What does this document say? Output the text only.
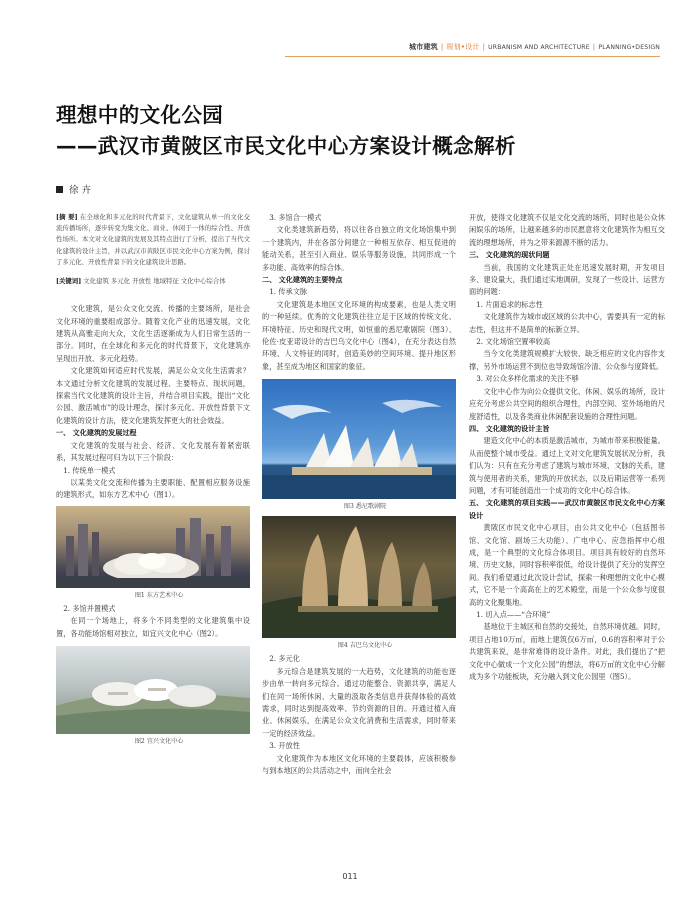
城市建筑 | 规划•设计 | URBANISM AND ARCHITECTURE | PLANNING•DESIGN
理想中的文化公园
——武汉市黄陂区市民文化中心方案设计概念解析
徐 卉

[摘 要] 在全球化和多元化的时代背景下，文化建筑从单一的文化交流传播场所，逐步转变为集文化、商业、休闲于一体的综合性、开放性场所。本文对文化建筑的发展及其特点进行了分析，提出了当代文化建筑的设计主旨，并以武汉市黄陂区市民文化中心方案为例，探讨了多元化、开放性背景下的文化建筑设计思路。

[关键词] 文化建筑 多元化 开放性 地域特征 文化中心综合体

文化建筑，是公众文化交流、传播的主要场所，是社会文化环境的重要组成部分。随着文化产业的迅速发展，文化建筑从高雅走向大众，文化生活逐渐成为人们日常生活的一部分。同时，在全球化和多元化的时代背景下，文化建筑亦呈现出开放、多元化趋势。

文化建筑如何适应时代发展，满足公众文化生活需求？本文通过分析文化建筑的发展过程、主要特点、现状问题，探索当代文化建筑的设计主旨，并结合项目实践，提出“文化公园、激活城市”的设计理念，探讨多元化、开放性背景下文化建筑的设计方法，使文化建筑发挥更大的社会效益。

一、 文化建筑的发展过程

文化建筑的发展与社会、经济、文化发展有着紧密联系，其发展过程可归为以下三个阶段：

1. 传统单一模式

以某类文化交流和传播为主要职能、配置相应服务设施的建筑形式，如东方艺术中心（图1）。

图1 东方艺术中心

2. 多馆并置模式

在同一个场地上，将多个不同类型的文化建筑集中设置，各功能场馆相对独立，如宜兴文化中心（图2）。

图2 宜兴文化中心

3. 多馆合一模式

文化类建筑新趋势，将以往各自独立的文化场馆集中到一个建筑内，并在各部分间建立一种相互依存、相互促进的能动关系，甚至引入商业、娱乐等服务设施，共同形成一个多功能、高效率的综合体。

二、 文化建筑的主要特点

1. 传承文脉

文化建筑是本地区文化环境的构成要素，也是人类文明的一种延续。优秀的文化建筑往往立足于区域的传统文化、环境特征、历史和现代文明，如恒重的悉尼歌剧院（图3）、伦佐·皮亚诺设计的吉巴乌文化中心（图4），在充分表达自然环境、人文特征的同时，创造美妙的空间环境、提升地区形象，甚至成为地区和国家的象征。

图3 悉尼歌剧院

图4 吉巴乌文化中心

2. 多元化

多元综合是建筑发展的一大趋势，文化建筑的功能也逐步由单一转向多元综合。通过功能整合、资源共享，满足人们在同一场所休闲、大量的汲取各类信息并获得体验的高效需求，同时达到提高效率、节约资源的目的。开通过植入商业、休闲娱乐，在满足公众文化消费和生活需求，同时带来一定的经济效益。

3. 开放性

文化建筑作为本地区文化环境的主要载体，应该积极参与到本地区的公共活动之中，而向全社会

开放，使得文化建筑不仅是文化交流的场所，同时也是公众休闲娱乐的场所，让越来越多的市民愿意将文化建筑作为相互交流的理想场所，并为之带来源源不断的活力。

三、 文化建筑的现状问题

当前，我国的文化建筑正处在迅速发展时期，开发项目多、建设量大，我们通过实地调研，发现了一些设计、运营方面的问题：

1. 片面追求的标志性

文化建筑作为城市或区域的公共中心，需要具有一定的标志性，但这并不是简单的标新立异。

2. 文化场馆空置率较高

当今文化类建筑规模扩大较快、缺乏相应的文化内容作支撑，另外市场运营不到位也导致场馆冷清、公众参与度降低。

3. 对公众多样化需求的关注不够

文化中心作为向公众提供文化、休闲、娱乐的场所，设计应充分考虑公共空间的组织合理性，内部空间、室外场地的尺度舒适性，以及各类商业休闲配套设施的合理性问题。

四、 文化建筑的设计主旨

建造文化中心的本质是激活城市，为城市带来积极能量。从而使整个城市受益。通过上文对文化建筑发展状况分析，我们认为：只有在充分考虑了建筑与城市环境、文脉的关系，建筑与使用者的关系，建筑的开放状态，以及后期运营等一系列问题，才有可能创造出一个成功的文化中心综合体。

五、 文化建筑的项目实践——武汉市黄陂区市民文化中心方案设计

黄陂区市民文化中心项目，由公共文化中心（包括图书馆、文化馆、剧场三大功能）、广电中心、应急指挥中心组成，是一个典型的文化综合体项目。项目具有较好的自然环境、历史文脉，同时容积率很低，给设计提供了充分的发挥空间。我们希望通过此次设计尝试，探索一种理想的文化中心模式，它不是一个高高在上的艺术殿堂，而是一个公众参与度很高的文化聚集地。

1. 切入点——“合环境”

基地位于主城区和自然的交接处，自然环境优越。同时，项目占地10万㎡，而地上建筑仅6万㎡，0.6的容积率对于公共建筑来说，是非常难得的设计条件。对此，我们提出了“把文化中心做成一个文化公园”的想法，将6万㎡的文化中心分解成为多个功能板块，充分融入到文化公园里（图5）。

011
